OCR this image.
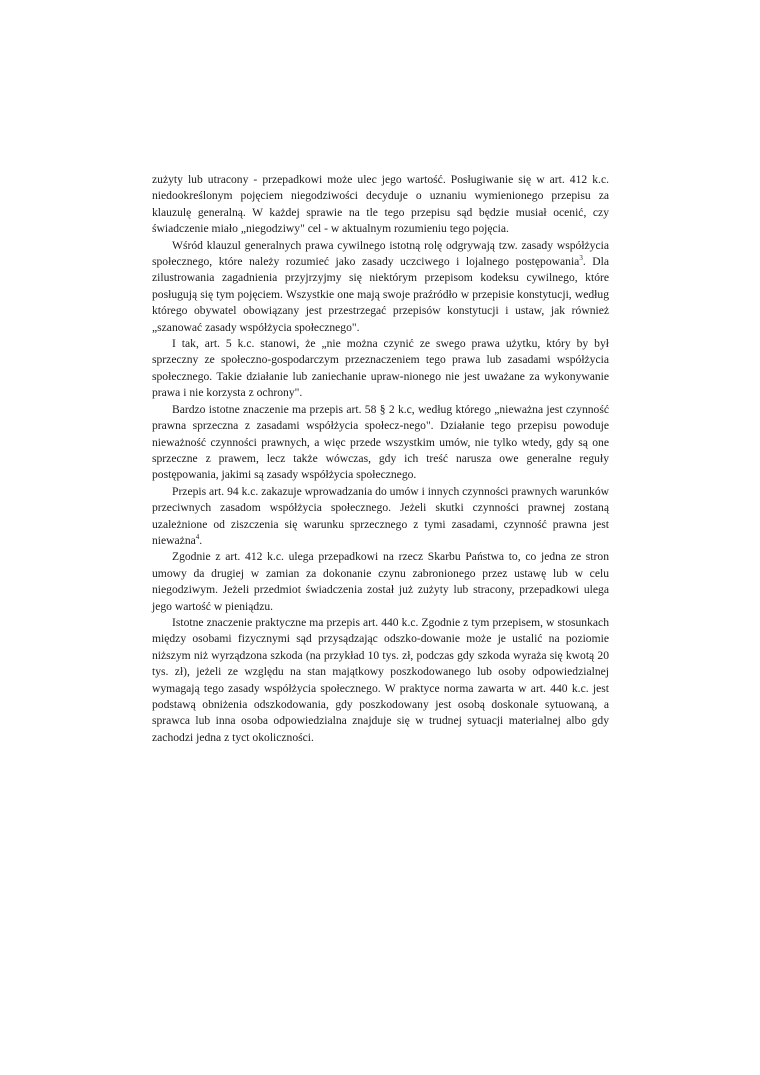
zużyty lub utracony - przepadkowi może ulec jego wartość. Posługiwanie się w art. 412 k.c. niedookreślonym pojęciem niegodziwości decyduje o uznaniu wymienionego przepisu za klauzulę generalną. W każdej sprawie na tle tego przepisu sąd będzie musiał ocenić, czy świadczenie miało „niegodziwy" cel - w aktualnym rozumieniu tego pojęcia.

Wśród klauzul generalnych prawa cywilnego istotną rolę odgrywają tzw. zasady współżycia społecznego, które należy rozumieć jako zasady uczciwego i lojalnego postępowania$^3$. Dla zilustrowania zagadnienia przyjrzyjmy się niektórym przepisom kodeksu cywilnego, które posługują się tym pojęciem. Wszystkie one mają swoje praźródło w przepisie konstytucji, według którego obywatel obowiązany jest przestrzegać przepisów konstytucji i ustaw, jak również „szanować zasady współżycia społecznego".

I tak, art. 5 k.c. stanowi, że „nie można czynić ze swego prawa użytku, który by był sprzeczny ze społeczno-gospodarczym przeznaczeniem tego prawa lub zasadami współżycia społecznego. Takie działanie lub zaniechanie upraw-nionego nie jest uważane za wykonywanie prawa i nie korzysta z ochrony".

Bardzo istotne znaczenie ma przepis art. 58 § 2 k.c, według którego „nieważna jest czynność prawna sprzeczna z zasadami współżycia społecz-nego". Działanie tego przepisu powoduje nieważność czynności prawnych, a więc przede wszystkim umów, nie tylko wtedy, gdy są one sprzeczne z prawem, lecz także wówczas, gdy ich treść narusza owe generalne reguły postępowania, jakimi są zasady współżycia społecznego.

Przepis art. 94 k.c. zakazuje wprowadzania do umów i innych czynności prawnych warunków przeciwnych zasadom współżycia społecznego. Jeżeli skutki czynności prawnej zostaną uzależnione od ziszczenia się warunku sprzecznego z tymi zasadami, czynność prawna jest nieważna$^4$.

Zgodnie z art. 412 k.c. ulega przepadkowi na rzecz Skarbu Państwa to, co jedna ze stron umowy da drugiej w zamian za dokonanie czynu zabronionego przez ustawę lub w celu niegodziwym. Jeżeli przedmiot świadczenia został już zużyty lub stracony, przepadkowi ulega jego wartość w pieniądzu.

Istotne znaczenie praktyczne ma przepis art. 440 k.c. Zgodnie z tym przepisem, w stosunkach między osobami fizycznymi sąd przysądzając odszko-dowanie może je ustalić na poziomie niższym niż wyrządzona szkoda (na przykład 10 tys. zł, podczas gdy szkoda wyraża się kwotą 20 tys. zł), jeżeli ze względu na stan majątkowy poszkodowanego lub osoby odpowiedzialnej wymagają tego zasady współżycia społecznego. W praktyce norma zawarta w art. 440 k.c. jest podstawą obniżenia odszkodowania, gdy poszkodowany jest osobą doskonale sytuowaną, a sprawca lub inna osoba odpowiedzialna znajduje się w trudnej sytuacji materialnej albo gdy zachodzi jedna z tyct okoliczności.
